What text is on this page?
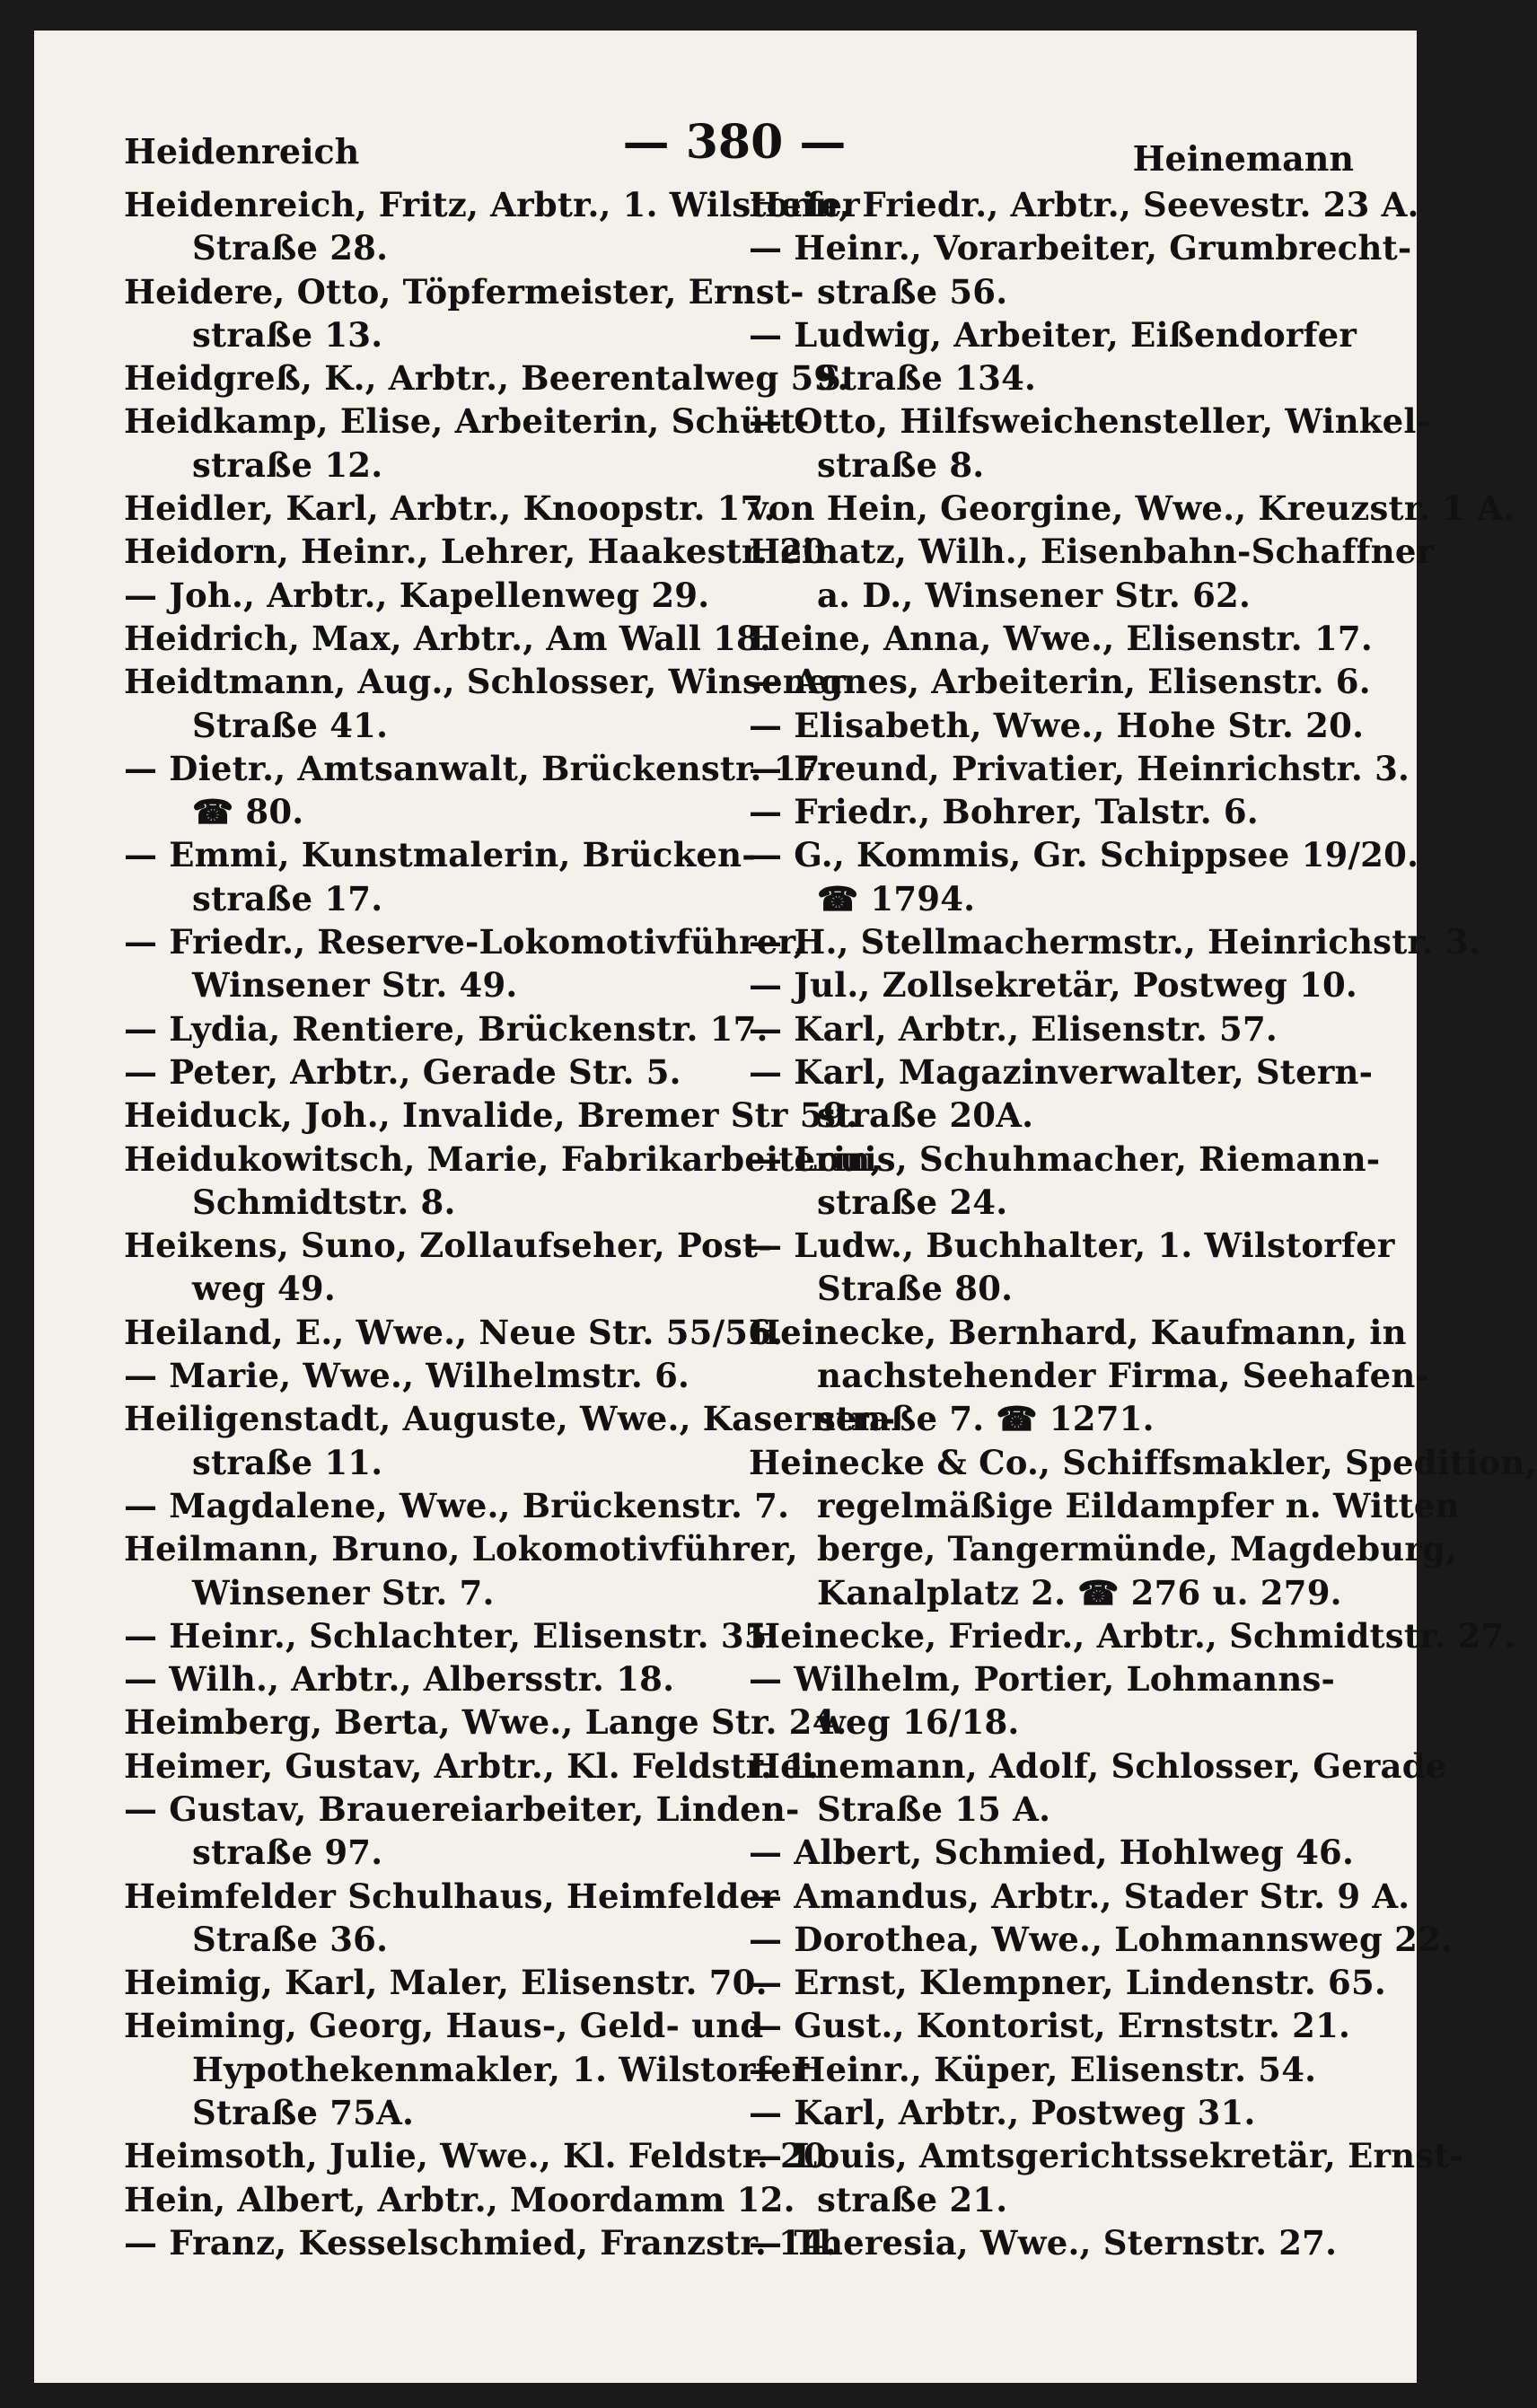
Heidenreich	— 380 —	Heinemann
Heidenreich, Fritz, Arbtr., 1. Wilstorfer
Straße 28.
Heidere, Otto, Töpfermeister, Ernst-
straße 13.
Heidgreß, K., Arbtr., Beerentalweg 59.
Heidkamp, Elise, Arbeiterin, Schütt-
straße 12.
Heidler, Karl, Arbtr., Knoopstr. 17.
Heidorn, Heinr., Lehrer, Haakestr. 20.
— Joh., Arbtr., Kapellenweg 29.
Heidrich, Max, Arbtr., Am Wall 18.
Heidtmann, Aug., Schlosser, Winsener
Straße 41.
— Dietr., Amtsanwalt, Brückenstr. 17.
☎ 80.
— Emmi, Kunstmalerin, Brücken-
straße 17.
— Friedr., Reserve-Lokomotivführer,
Winsener Str. 49.
— Lydia, Rentiere, Brückenstr. 17.
— Peter, Arbtr., Gerade Str. 5.
Heiduck, Joh., Invalide, Bremer Str 59.
Heidukowitsch, Marie, Fabrikarbeiterin,
Schmidtstr. 8.
Heikens, Suno, Zollaufseher, Post-
weg 49.
Heiland, E., Wwe., Neue Str. 55/56.
— Marie, Wwe., Wilhelmstr. 6.
Heiligenstadt, Auguste, Wwe., Kasernen-
straße 11.
— Magdalene, Wwe., Brückenstr. 7.
Heilmann, Bruno, Lokomotivführer,
Winsener Str. 7.
— Heinr., Schlachter, Elisenstr. 35.
— Wilh., Arbtr., Albersstr. 18.
Heimberg, Berta, Wwe., Lange Str. 24.
Heimer, Gustav, Arbtr., Kl. Feldstr. 1.
— Gustav, Brauereiarbeiter, Linden-
straße 97.
Heimfelder Schulhaus, Heimfelder
Straße 36.
Heimig, Karl, Maler, Elisenstr. 70.
Heiming, Georg, Haus-, Geld- und
Hypothekenmakler, 1. Wilstorfer
Straße 75A.
Heimsoth, Julie, Wwe., Kl. Feldstr. 20.
Hein, Albert, Arbtr., Moordamm 12.
— Franz, Kesselschmied, Franzstr. 14.
Hein, Friedr., Arbtr., Seevestr. 23 A.
— Heinr., Vorarbeiter, Grumbrecht-
straße 56.
— Ludwig, Arbeiter, Eißendorfer
Straße 134.
— Otto, Hilfsweichensteller, Winkel-
straße 8.
von Hein, Georgine, Wwe., Kreuzstr. 1 A.
Heinatz, Wilh., Eisenbahn-Schaffner
a. D., Winsener Str. 62.
Heine, Anna, Wwe., Elisenstr. 17.
— Agnes, Arbeiterin, Elisenstr. 6.
— Elisabeth, Wwe., Hohe Str. 20.
— Freund, Privatier, Heinrichstr. 3.
— Friedr., Bohrer, Talstr. 6.
— G., Kommis, Gr. Schippsee 19/20.
☎ 1794.
— H., Stellmachermstr., Heinrichstr. 3.
— Jul., Zollsekretär, Postweg 10.
— Karl, Arbtr., Elisenstr. 57.
— Karl, Magazinverwalter, Stern-
straße 20A.
— Louis, Schuhmacher, Riemann-
straße 24.
— Ludw., Buchhalter, 1. Wilstorfer
Straße 80.
Heinecke, Bernhard, Kaufmann, in
nachstehender Firma, Seehafen-
straße 7. ☎ 1271.
Heinecke & Co., Schiffsmakler, Spedition,
regelmäßige Eildampfer n. Witten
berge, Tangermünde, Magdeburg,
Kanalplatz 2. ☎ 276 u. 279.
Heinecke, Friedr., Arbtr., Schmidtstr. 27.
— Wilhelm, Portier, Lohmanns-
weg 16/18.
Heinemann, Adolf, Schlosser, Gerade
Straße 15 A.
— Albert, Schmied, Hohlweg 46.
— Amandus, Arbtr., Stader Str. 9 A.
— Dorothea, Wwe., Lohmannsweg 22.
— Ernst, Klempner, Lindenstr. 65.
— Gust., Kontorist, Ernststr. 21.
— Heinr., Küper, Elisenstr. 54.
— Karl, Arbtr., Postweg 31.
— Louis, Amtsgerichtssekretär, Ernst-
straße 21.
— Theresia, Wwe., Sternstr. 27.
